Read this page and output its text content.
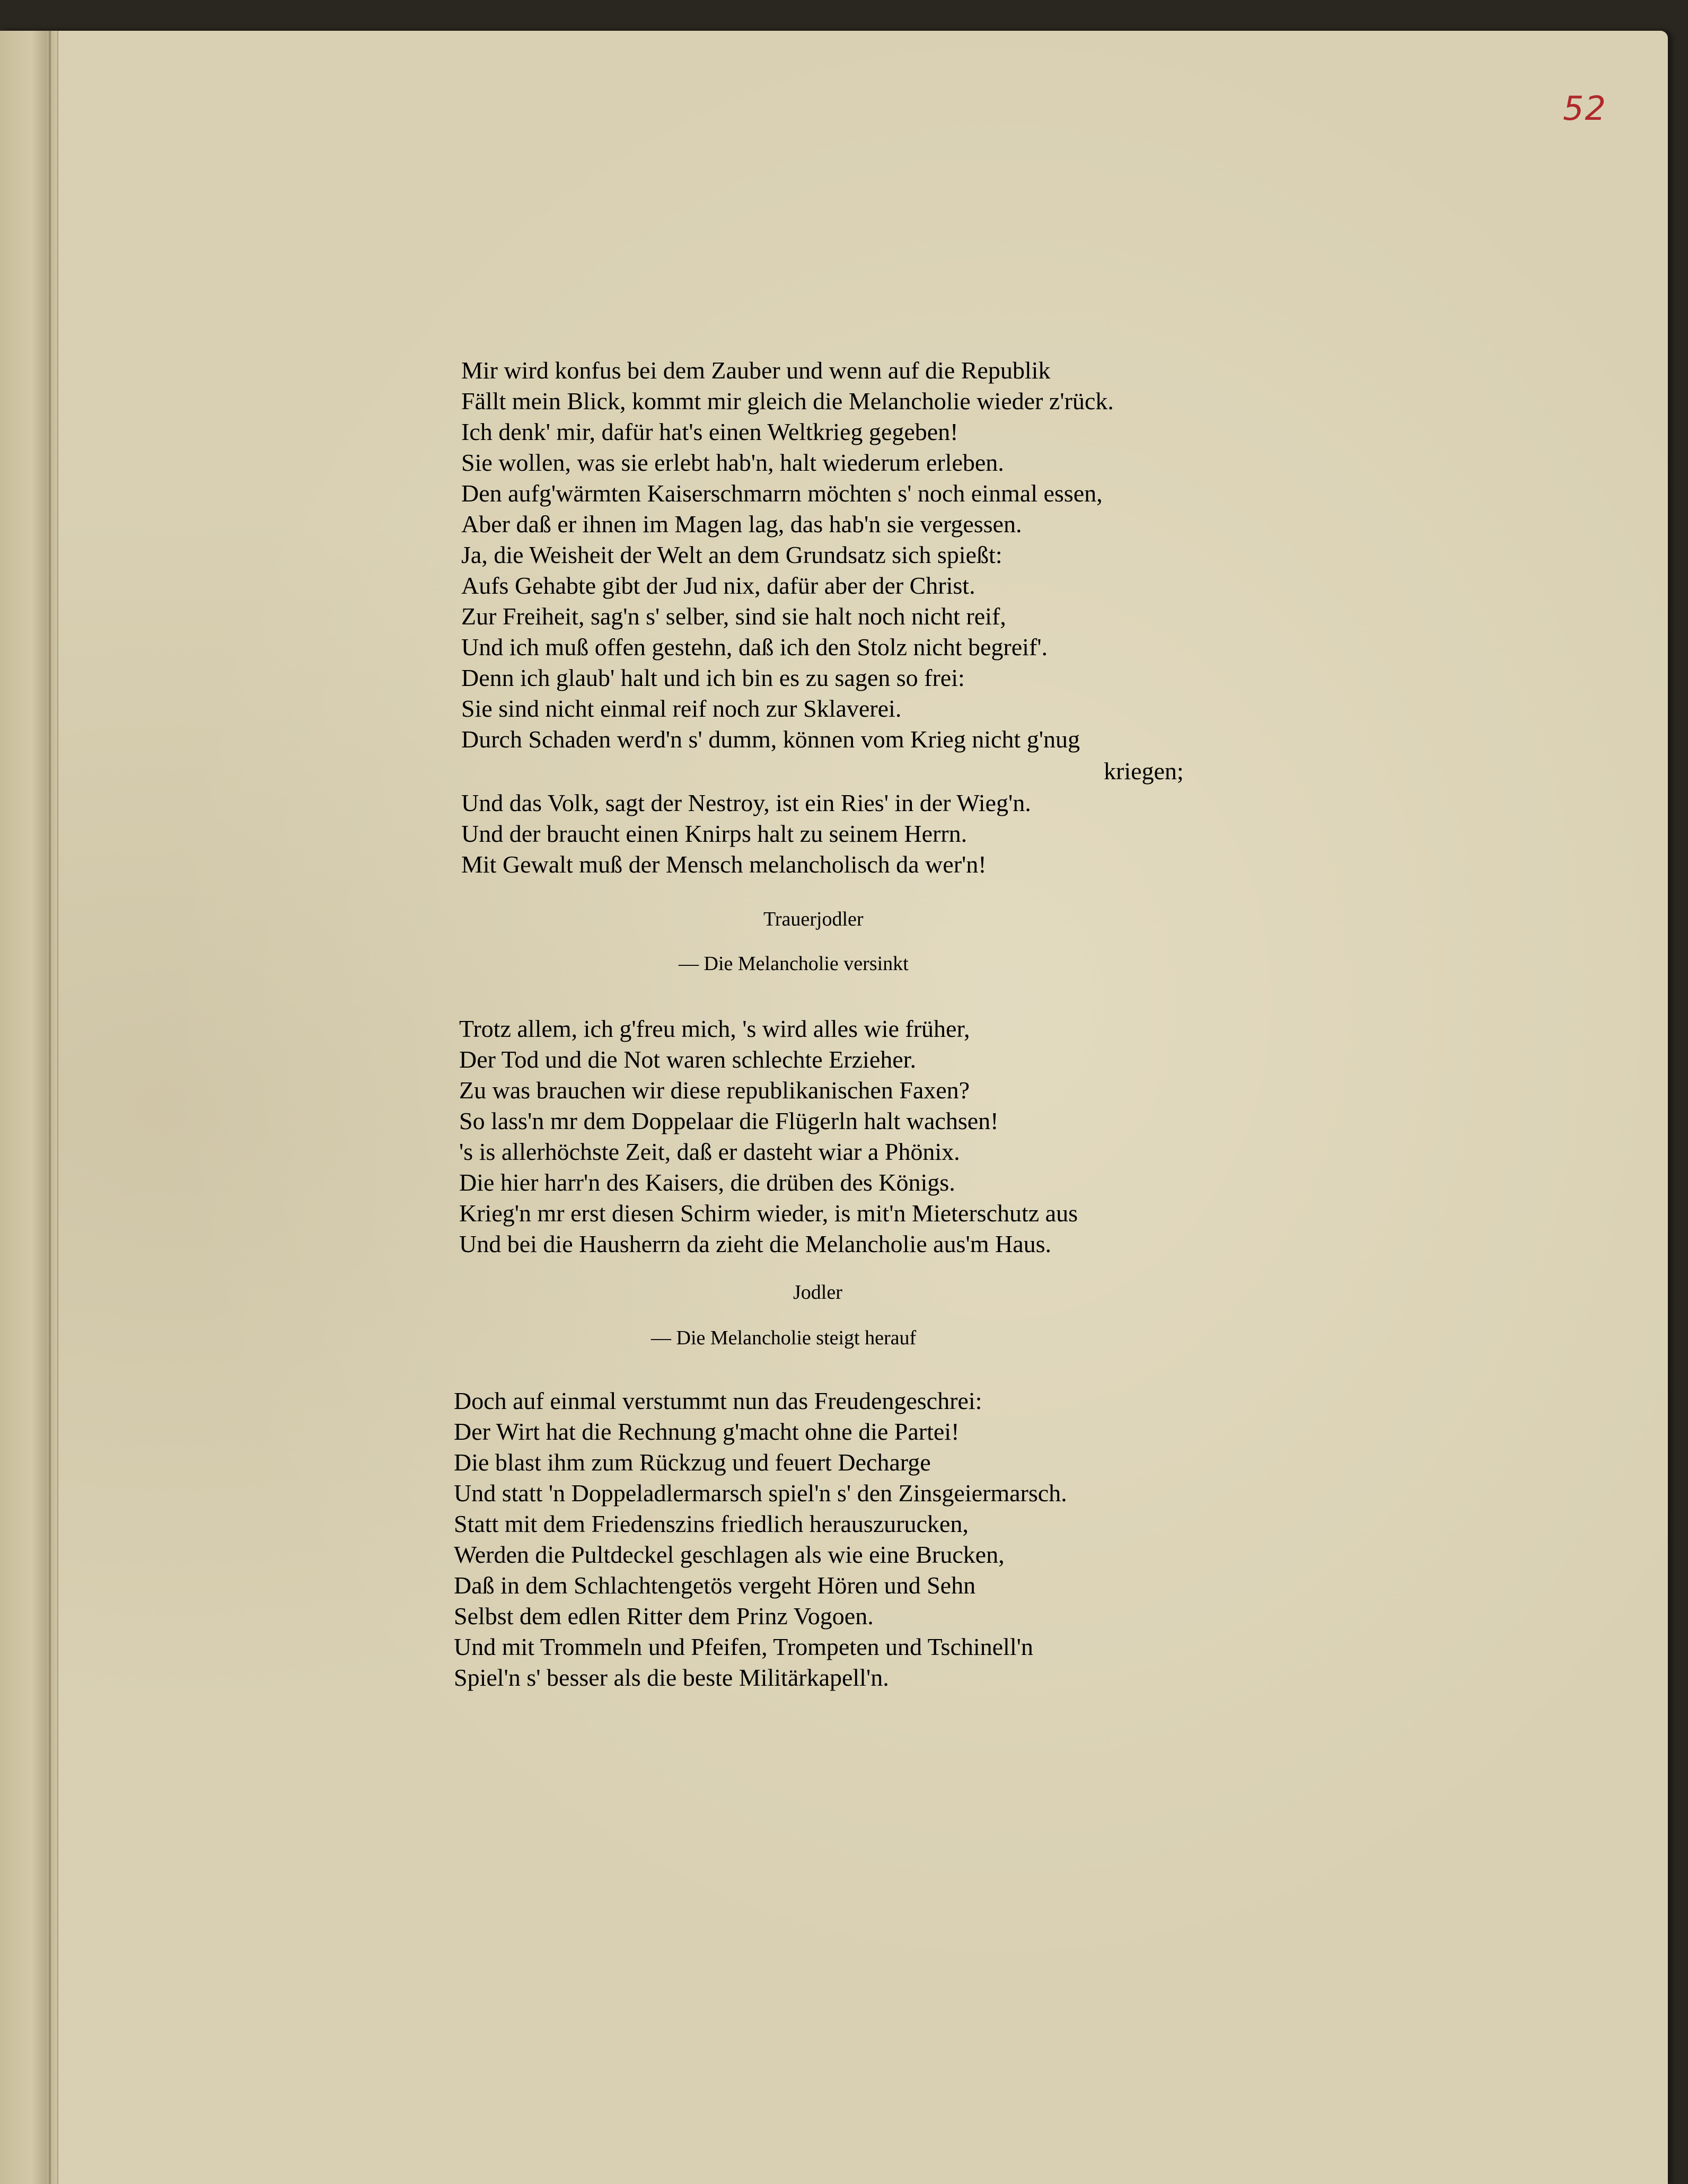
52
Mir wird konfus bei dem Zauber und wenn auf die Republik
Fällt mein Blick, kommt mir gleich die Melancholie wieder z'rück.
Ich denk' mir, dafür hat's einen Weltkrieg gegeben!
Sie wollen, was sie erlebt hab'n, halt wiederum erleben.
Den aufg'wärmten Kaiserschmarrn möchten s' noch einmal essen,
Aber daß er ihnen im Magen lag, das hab'n sie vergessen.
Ja, die Weisheit der Welt an dem Grundsatz sich spießt:
Aufs Gehabte gibt der Jud nix, dafür aber der Christ.
Zur Freiheit, sag'n s' selber, sind sie halt noch nicht reif,
Und ich muß offen gestehn, daß ich den Stolz nicht begreif'.
Denn ich glaub' halt und ich bin es zu sagen so frei:
Sie sind nicht einmal reif noch zur Sklaverei.
Durch Schaden werd'n s' dumm, können vom Krieg nicht g'nug
kriegen;
Und das Volk, sagt der Nestroy, ist ein Ries' in der Wieg'n.
Und der braucht einen Knirps halt zu seinem Herrn.
Mit Gewalt muß der Mensch melancholisch da wer'n!
Trauerjodler
— Die Melancholie versinkt
Trotz allem, ich g'freu mich, 's wird alles wie früher,
Der Tod und die Not waren schlechte Erzieher.
Zu was brauchen wir diese republikanischen Faxen?
So lass'n mr dem Doppelaar die Flügerln halt wachsen!
's is allerhöchste Zeit, daß er dasteht wiar a Phönix.
Die hier harr'n des Kaisers, die drüben des Königs.
Krieg'n mr erst diesen Schirm wieder, is mit'n Mieterschutz aus
Und bei die Hausherrn da zieht die Melancholie aus'm Haus.
Jodler
— Die Melancholie steigt herauf
Doch auf einmal verstummt nun das Freudengeschrei:
Der Wirt hat die Rechnung g'macht ohne die Partei!
Die blast ihm zum Rückzug und feuert Decharge
Und statt 'n Doppeladlermarsch spiel'n s' den Zinsgeiermarsch.
Statt mit dem Friedenszins friedlich herauszurucken,
Werden die Pultdeckel geschlagen als wie eine Brucken,
Daß in dem Schlachtengetös vergeht Hören und Sehn
Selbst dem edlen Ritter dem Prinz Vogoen.
Und mit Trommeln und Pfeifen, Trompeten und Tschinell'n
Spiel'n s' besser als die beste Militärkapell'n.
